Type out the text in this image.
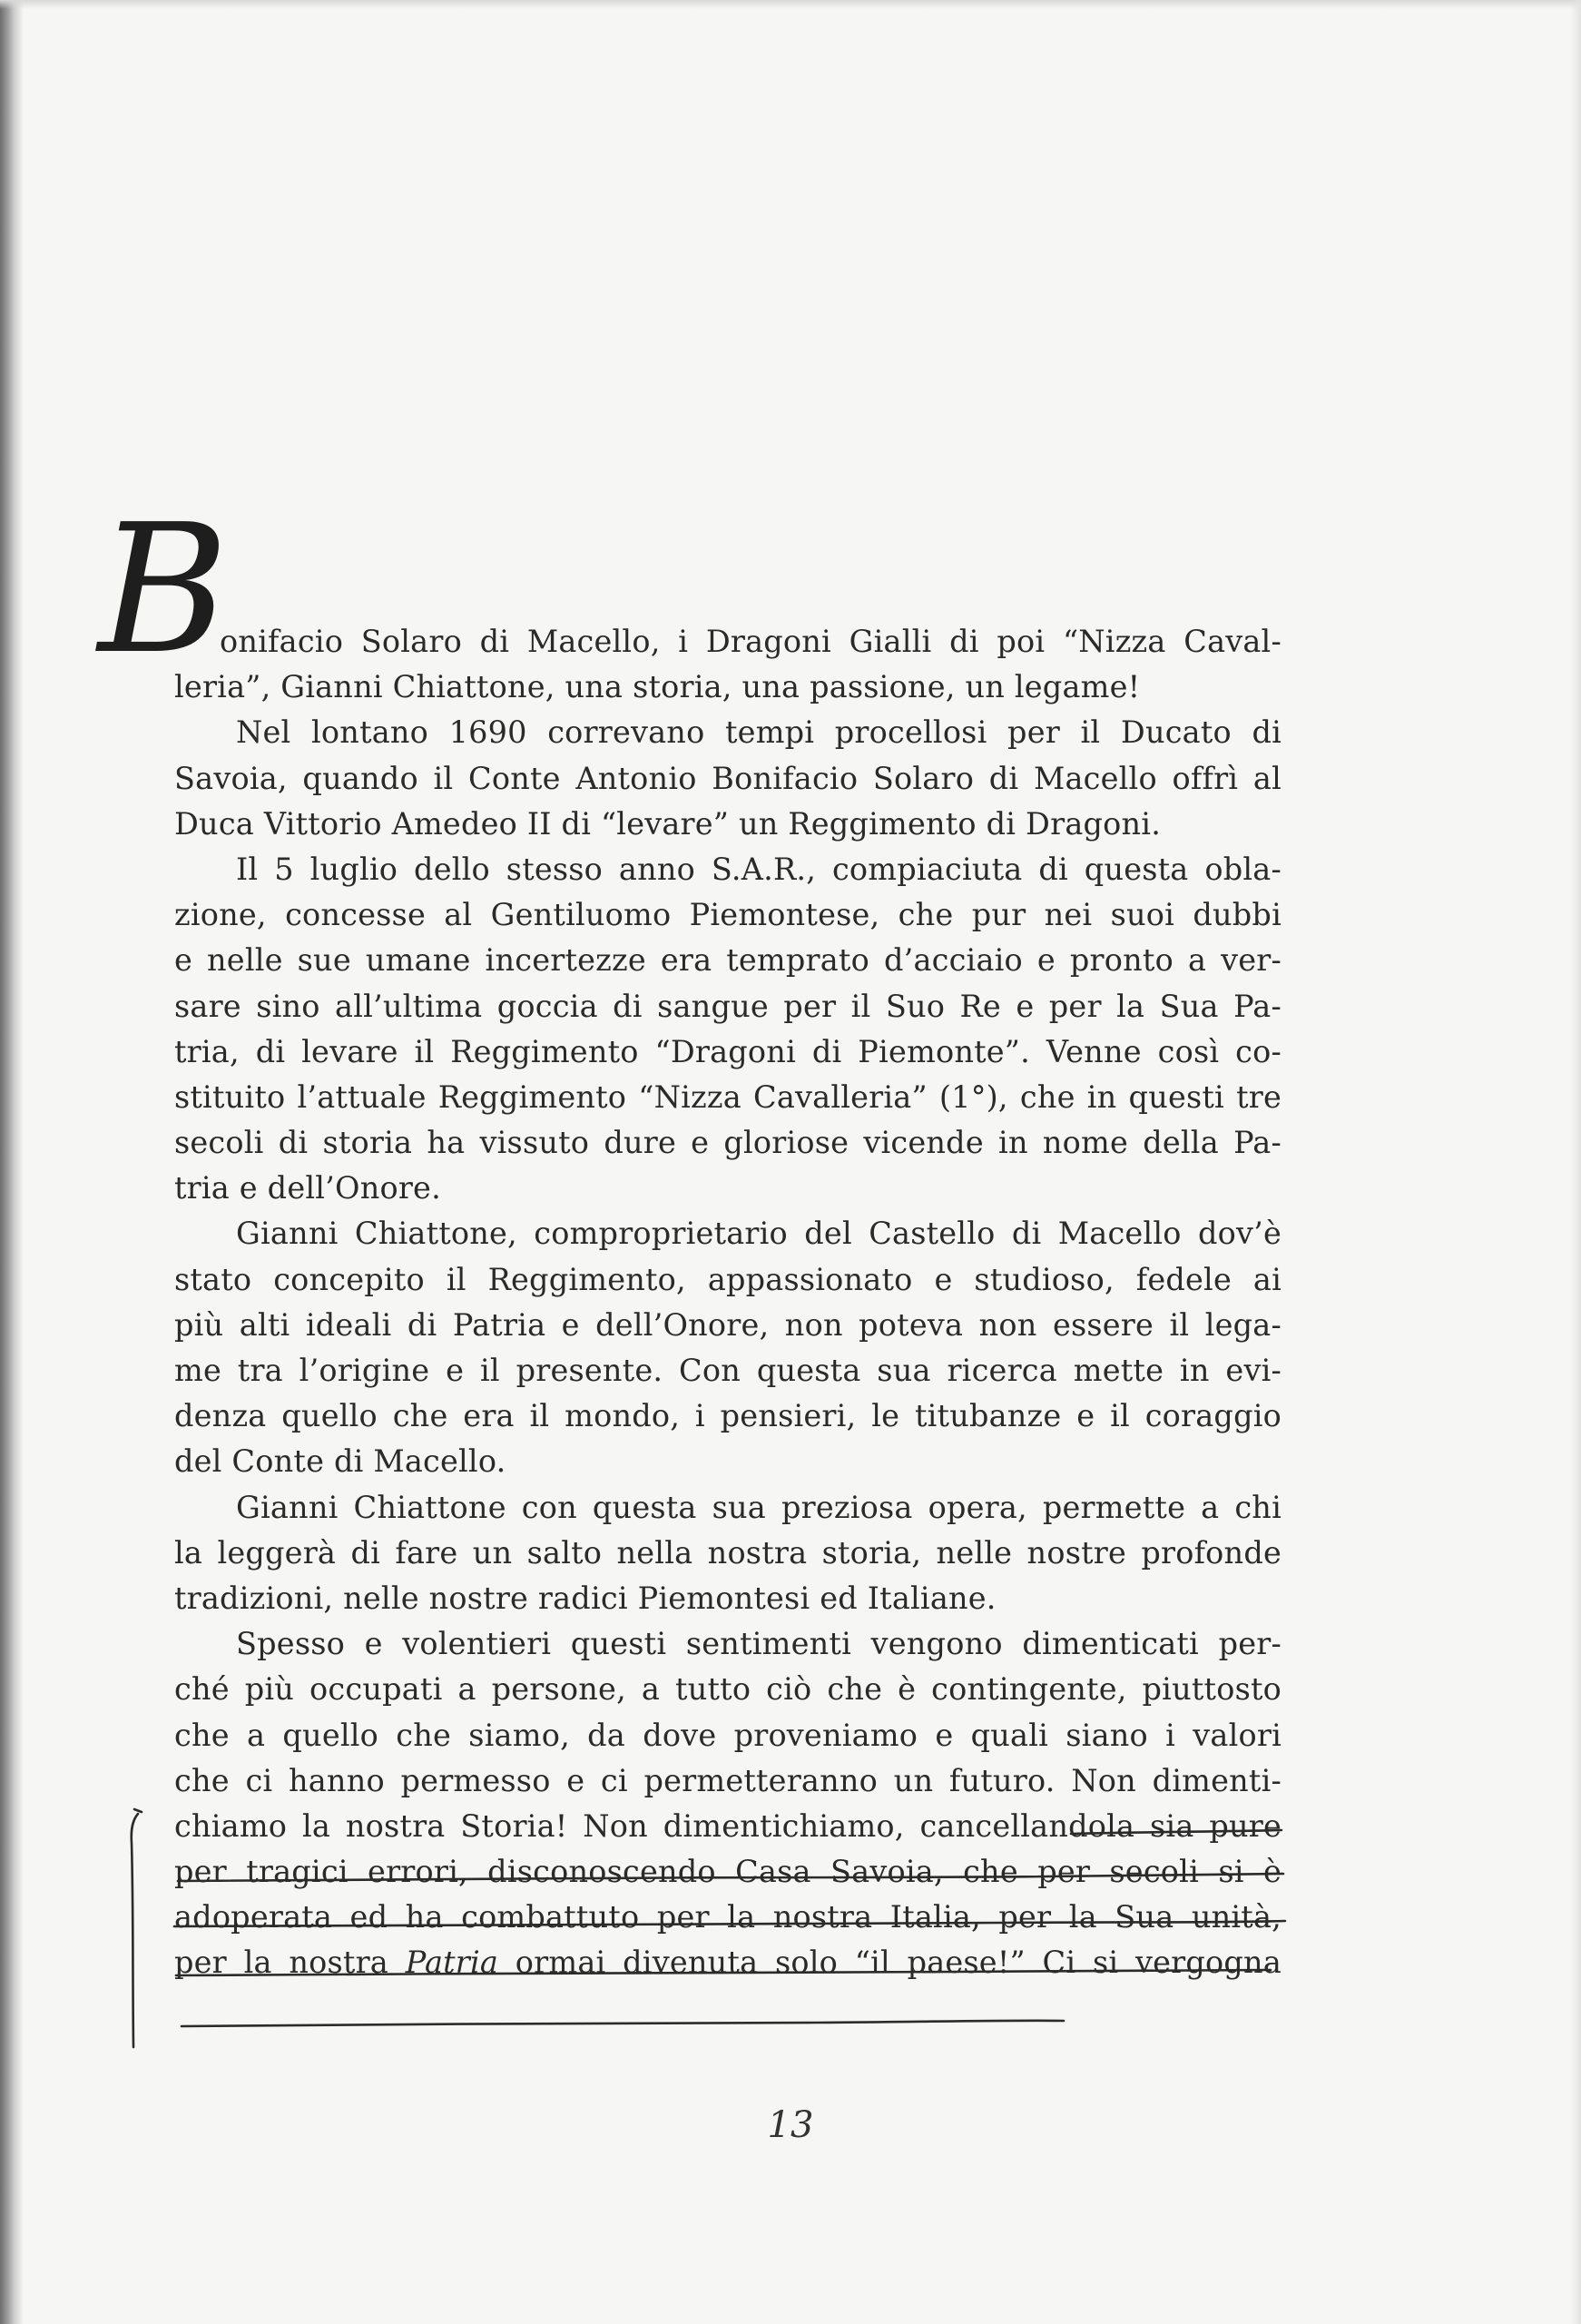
B
onifacio Solaro di Macello, i Dragoni Gialli di poi “Nizza Caval-
leria”, Gianni Chiattone, una storia, una passione, un legame!
Nel lontano 1690 correvano tempi procellosi per il Ducato di
Savoia, quando il Conte Antonio Bonifacio Solaro di Macello offrì al
Duca Vittorio Amedeo II di “levare” un Reggimento di Dragoni.
Il 5 luglio dello stesso anno S.A.R., compiaciuta di questa obla-
zione, concesse al Gentiluomo Piemontese, che pur nei suoi dubbi
e nelle sue umane incertezze era temprato d’acciaio e pronto a ver-
sare sino all’ultima goccia di sangue per il Suo Re e per la Sua Pa-
tria, di levare il Reggimento “Dragoni di Piemonte”. Venne così co-
stituito l’attuale Reggimento “Nizza Cavalleria” (1°), che in questi tre
secoli di storia ha vissuto dure e gloriose vicende in nome della Pa-
tria e dell’Onore.
Gianni Chiattone, comproprietario del Castello di Macello dov’è
stato concepito il Reggimento, appassionato e studioso, fedele ai
più alti ideali di Patria e dell’Onore, non poteva non essere il lega-
me tra l’origine e il presente. Con questa sua ricerca mette in evi-
denza quello che era il mondo, i pensieri, le titubanze e il coraggio
del Conte di Macello.
Gianni Chiattone con questa sua preziosa opera, permette a chi
la leggerà di fare un salto nella nostra storia, nelle nostre profonde
tradizioni, nelle nostre radici Piemontesi ed Italiane.
Spesso e volentieri questi sentimenti vengono dimenticati per-
ché più occupati a persone, a tutto ciò che è contingente, piuttosto
che a quello che siamo, da dove proveniamo e quali siano i valori
che ci hanno permesso e ci permetteranno un futuro. Non dimenti-
chiamo la nostra Storia! Non dimentichiamo, cancellandola sia pure
per tragici errori, disconoscendo Casa Savoia, che per secoli si è
adoperata ed ha combattuto per la nostra Italia, per la Sua unità,
per la nostra Patria ormai divenuta solo “il paese!” Ci si vergogna
13
